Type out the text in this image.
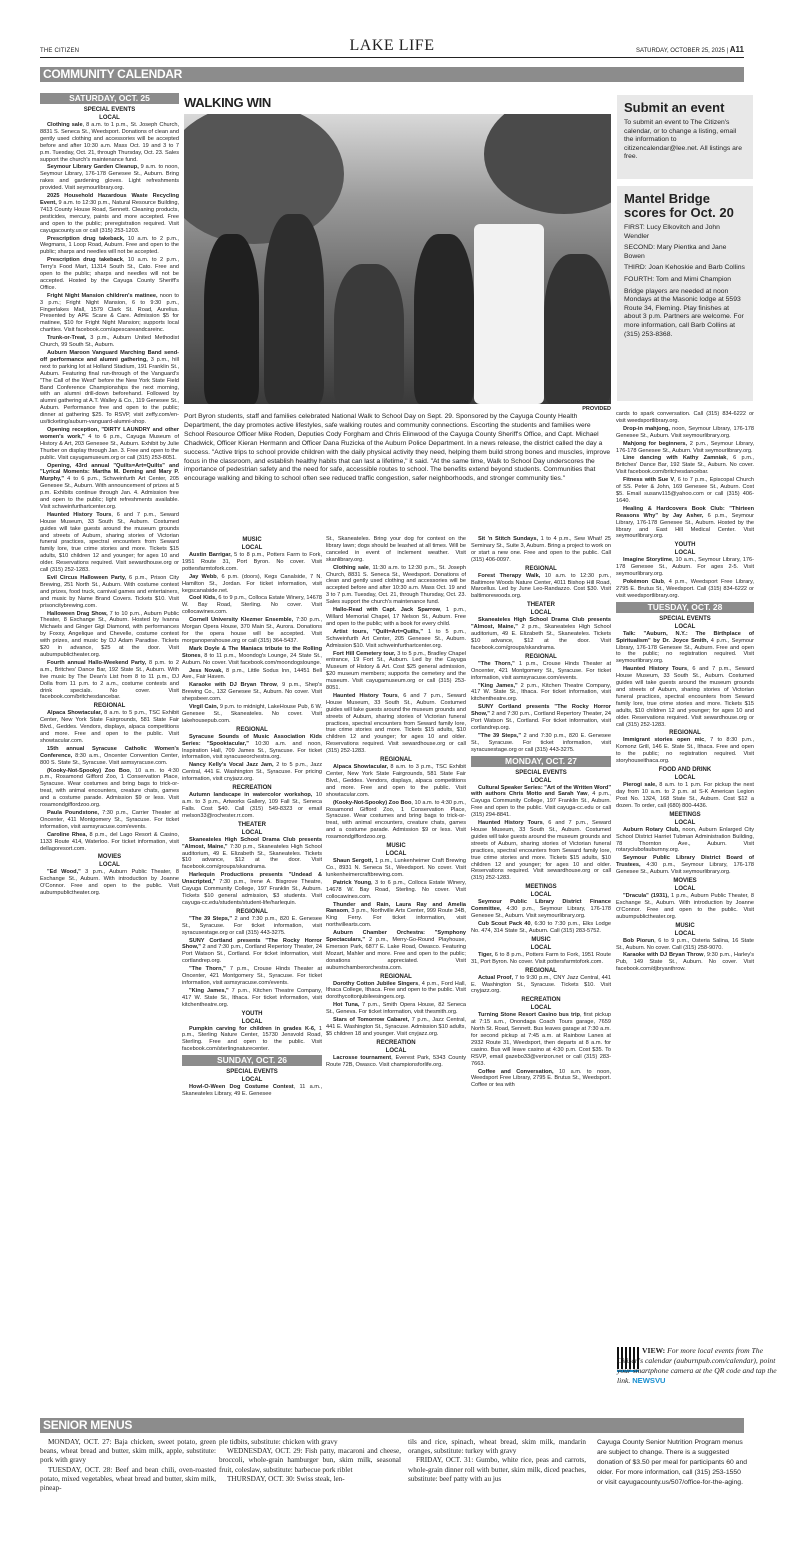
THE CITIZEN	LAKE LIFE	SATURDAY, OCTOBER 25, 2025 | A11
COMMUNITY CALENDAR
SATURDAY, OCT. 25
SPECIAL EVENTS
LOCAL
Clothing sale, 8 a.m. to 1 p.m., St. Joseph Church, 8831 S. Seneca St., Weedsport. Donations of clean and gently used clothing and accessories will be accepted before and after 10:30 a.m. Mass Oct. 19 and 3 to 7 p.m. Tuesday, Oct. 21, through Thursday, Oct. 23. Sales support the church's maintenance fund.
Seymour Library Garden Cleanup, 9 a.m. to noon, Seymour Library, 176-178 Genesee St., Auburn. Bring rakes and gardening gloves. Light refreshments provided. Visit seymourlibrary.org.
2025 Household Hazardous Waste Recycling Event, 9 a.m. to 12:30 p.m., Natural Resource Building, 7413 County House Road, Sennett. Cleaning products, pesticides, mercury, paints and more accepted. Free and open to the public; preregistration required. Visit cayugacounty.us or call (315) 253-1203.
Prescription drug takeback, 10 a.m. to 2 p.m., Wegmans, 1 Loop Road, Auburn. Free and open to the public; sharps and needles will not be accepted.
Prescription drug takeback, 10 a.m. to 2 p.m., Terry's Food Mart, 11314 South St., Cato. Free and open to the public; sharps and needles will not be accepted. Hosted by the Cayuga County Sheriff's Office.
Fright Night Mansion children's matinee, noon to 3 p.m.; Fright Night Mansion, 6 to 9:30 p.m., Fingerlakes Mall, 1579 Clark St. Road, Aurelius. Presented by APE Scare & Care. Admission $5 for matinee, $10 for Fright Night Mansion; supports local charities. Visit facebook.com/apescareandcareinc.
Trunk-or-Treat, 3 p.m., Auburn United Methodist Church, 99 South St., Auburn.
Auburn Maroon Vanguard Marching Band send-off performance and alumni gathering, 3 p.m., hill next to parking lot at Holland Stadium, 191 Franklin St., Auburn. Featuring final run-through of the Vanguard's "The Call of the West" before the New York State Field Band Conference Championships the next morning, with an alumni drill-down beforehand. Followed by alumni gathering at A.T. Walley & Co., 119 Genesee St., Auburn. Performance free and open to the public; dinner at gathering $25. To RSVP, visit zeffy.com/en-us/ticketing/auburn-vanguard-alumni-shop.
Opening reception, "DIRTY LAUNDRY and other women's work," 4 to 6 p.m., Cayuga Museum of History & Art, 203 Genesee St., Auburn. Exhibit by Julie Thurber on display through Jan. 3. Free and open to the public. Visit cayugamuseum.org or call (315) 253-8051.
Opening, 43rd annual "Quilts=Art=Quilts" and "Lyrical Moments: Martha M. Deming and Mary P. Murphy," 4 to 6 p.m., Schweinfurth Art Center, 205 Genesee St., Auburn. With announcement of prizes at 5 p.m. Exhibits continue through Jan. 4. Admission free and open to the public; light refreshments available. Visit schweinfurthartcenter.org.
Haunted History Tours, 6 and 7 p.m., Seward House Museum, 33 South St., Auburn. Costumed guides will take guests around the museum grounds and streets of Auburn, sharing stories of Victorian funeral practices, spectral encounters from Seward family lore, true crime stories and more. Tickets $15 adults, $10 children 12 and younger; for ages 10 and older. Reservations required. Visit sewardhouse.org or call (315) 252-1283.
Evil Circus Halloween Party, 6 p.m., Prison City Brewing, 251 North St., Auburn. With costume contest and prizes, food truck, carnival games and entertainers, and music by Name Brand Covers. Tickets $10. Visit prisoncitybrewing.com.
Halloween Drag Show, 7 to 10 p.m., Auburn Public Theater, 8 Exchange St., Auburn. Hosted by Ivanna Michaels and Ginger Gigi Diamond, with performances by Foxxy, Angelique and Chevelle, costume contest with prizes, and music by DJ Adam Paradise. Tickets $20 in advance, $25 at the door. Visit auburnpublictheater.org.
Fourth annual Hallo-Weekend Party, 8 p.m. to 2 a.m., Britches' Dance Bar, 192 State St., Auburn. With live music by The Dean's List from 8 to 11 p.m., DJ Dolla from 11 p.m. to 2 a.m., costume contests and drink specials. No cover. Visit facebook.com/britchesdancebar.
REGIONAL
Alpaca Showtacular, 8 a.m. to 5 p.m., TSC Exhibit Center, New York State Fairgrounds, 581 State Fair Blvd., Geddes. Vendors, displays, alpaca competitions and more. Free and open to the public. Visit showtacular.com.
15th annual Syracuse Catholic Women's Conference, 8:30 a.m., Oncenter Convention Center, 800 S. State St., Syracuse. Visit asmsyracuse.com.
(Kooky-Not-Spooky) Zoo Boo, 10 a.m. to 4:30 p.m., Rosamond Gifford Zoo, 1 Conservation Place, Syracuse. Wear costumes and bring bags to trick-or-treat, with animal encounters, creature chats, games and a costume parade. Admission $9 or less. Visit rosamondgiffordzoo.org.
Paula Poundstone, 7:30 p.m., Carrier Theater at Oncenter, 411 Montgomery St., Syracuse. For ticket information, visit asmsyracuse.com/events.
Caroline Rhea, 8 p.m., del Lago Resort & Casino, 1133 Route 414, Waterloo. For ticket information, visit dellagoresort.com.
MOVIES
LOCAL
"Ed Wood," 3 p.m., Auburn Public Theater, 8 Exchange St., Auburn. With introduction by Joanne O'Connor. Free and open to the public. Visit auburnpublictheater.org.
WALKING WIN
PROVIDED
Port Byron students, staff and families celebrated National Walk to School Day on Sept. 29. Sponsored by the Cayuga County Health Department, the day promotes active lifestyles, safe walking routes and community connections. Escorting the students and families were School Resource Officer Mike Roden, Deputies Cody Forgham and Chris Elinwood of the Cayuga County Sheriff's Office, and Capt. Michael Chadwick, Officer Kieran Hermann and Officer Dana Ruzicka of the Auburn Police Department. In a news release, the district called the day a success. "Active trips to school provide children with the daily physical activity they need, helping them build strong bones and muscles, improve focus in the classroom, and establish healthy habits that can last a lifetime," it said. "At the same time, Walk to School Day underscores the importance of pedestrian safety and the need for safe, accessible routes to school. The benefits extend beyond students. Communities that encourage walking and biking to school often see reduced traffic congestion, safer neighborhoods, and stronger community ties."
MUSIC
LOCAL
Austin Barrigar, 5 to 8 p.m., Potters Farm to Fork, 1951 Route 31, Port Byron. No cover. Visit pottersfarmtofork.com.
Jay Webb, 6 p.m. (doors), Kegs Canalside, 7 N. Hamilton St., Jordan. For ticket information, visit kegscanalside.net.
Cool Kids, 6 to 9 p.m., Colloca Estate Winery, 14678 W. Bay Road, Sterling. No cover. Visit collocawines.com.
Cornell University Klezmer Ensemble, 7:30 p.m., Morgan Opera House, 370 Main St., Aurora. Donations for the opera house will be accepted. Visit morganoperahouse.org or call (315) 364-5437.
Mark Doyle & The Maniacs tribute to the Rolling Stones, 8 to 11 p.m., Moondog's Lounge, 24 State St., Auburn. No cover. Visit facebook.com/moondogslounge.
Jess Novak, 8 p.m., Little Sodus Inn, 14451 Bell Ave., Fair Haven.
Karaoke with DJ Bryan Throw, 9 p.m., Shep's Brewing Co., 132 Genesee St., Auburn. No cover. Visit shepsbeer.com.
Virgil Cain, 9 p.m. to midnight, LakeHouse Pub, 6 W. Genesee St., Skaneateles. No cover. Visit lakehousepub.com.
REGIONAL
Syracuse Sounds of Music Association Kids Series: "Spooktacular," 10:30 a.m. and noon, Inspiration Hall, 709 James St., Syracuse. For ticket information, visit syracuseorchestra.org.
Nancy Kelly's Vocal Jazz Jam, 2 to 5 p.m., Jazz Central, 441 E. Washington St., Syracuse. For pricing information, visit cnyjazz.org.
RECREATION
Autumn landscape in watercolor workshop, 10 a.m. to 3 p.m., Artworks Gallery, 109 Fall St., Seneca Falls. Cost $40. Call (315) 549-8323 or email rnelson33@rochester.rr.com.
THEATER
LOCAL
Skaneateles High School Drama Club presents "Almost, Maine," 7:30 p.m., Skaneateles High School auditorium, 49 E. Elizabeth St., Skaneateles. Tickets $10 advance, $12 at the door. Visit facebook.com/groups/skandrama.
Harlequin Productions presents "Undead & Unscripted," 7:30 p.m., Irene A. Bisgrove Theatre, Cayuga Community College, 197 Franklin St., Auburn. Tickets $10 general admission, $3 students. Visit cayuga-cc.edu/students/student-life/harlequin.
REGIONAL
"The 39 Steps," 2 and 7:30 p.m., 820 E. Genesee St., Syracuse. For ticket information, visit syracusestage.org or call (315) 443-3275.
SUNY Cortland presents "The Rocky Horror Show," 2 and 7:30 p.m., Cortland Repertory Theater, 24 Port Watson St., Cortland. For ticket information, visit cortlandrep.org.
"The Thorn," 7 p.m., Crouse Hinds Theater at Oncenter, 421 Montgomery St., Syracuse. For ticket information, visit asmsyracuse.com/events.
"King James," 7 p.m., Kitchen Theatre Company, 417 W. State St., Ithaca. For ticket information, visit kitchentheatre.org.
YOUTH
LOCAL
Pumpkin carving for children in grades K-6, 1 p.m., Sterling Nature Center, 15730 Jensvold Road, Sterling. Free and open to the public. Visit facebook.com/sterlingnaturecenter.
SUNDAY, OCT. 26
SPECIAL EVENTS
LOCAL
Howl-O-Ween Dog Costume Contest, 11 a.m., Skaneateles Library, 49 E. Genesee
St., Skaneateles. Bring your dog for contest on the library lawn; dogs should be leashed at all times. Will be canceled in event of inclement weather. Visit skanlibrary.org.
Clothing sale, 11:30 a.m. to 12:30 p.m., St. Joseph Church, 8831 S. Seneca St., Weedsport. Donations of clean and gently used clothing and accessories will be accepted before and after 10:30 a.m. Mass Oct. 19 and 3 to 7 p.m. Tuesday, Oct. 21, through Thursday, Oct. 23. Sales support the church's maintenance fund.
Hallo-Read with Capt. Jack Sparrow, 1 p.m., Willard Memorial Chapel, 17 Nelson St., Auburn. Free and open to the public; with a book for every child.
Artist tours, "Quilt=Art=Quilts," 1 to 5 p.m., Schweinfurth Art Center, 205 Genesee St., Auburn. Admission $10. Visit schweinfurthartcenter.org.
Fort Hill Cemetery tour, 3 to 5 p.m., Bradley Chapel entrance, 19 Fort St., Auburn. Led by the Cayuga Museum of History & Art. Cost $25 general admission, $20 museum members; supports the cemetery and the museum. Visit cayugamuseum.org or call (315) 253-8051.
Haunted History Tours, 6 and 7 p.m., Seward House Museum, 33 South St., Auburn. Costumed guides will take guests around the museum grounds and streets of Auburn, sharing stories of Victorian funeral practices, spectral encounters from Seward family lore, true crime stories and more. Tickets $15 adults, $10 children 12 and younger; for ages 10 and older. Reservations required. Visit sewardhouse.org or call (315) 252-1283.
REGIONAL
Alpaca Showtacular, 8 a.m. to 3 p.m., TSC Exhibit Center, New York State Fairgrounds, 581 State Fair Blvd., Geddes. Vendors, displays, alpaca competitions and more. Free and open to the public. Visit showtacular.com.
(Kooky-Not-Spooky) Zoo Boo, 10 a.m. to 4:30 p.m., Rosamond Gifford Zoo, 1 Conservation Place, Syracuse. Wear costumes and bring bags to trick-or-treat, with animal encounters, creature chats, games and a costume parade. Admission $9 or less. Visit rosamondgiffordzoo.org.
MUSIC
LOCAL
Shaun Sergott, 1 p.m., Lunkenheimer Craft Brewing Co., 8931 N. Seneca St., Weedsport. No cover. Visit lunkenheimercraftbrewing.com.
Patrick Young, 3 to 6 p.m., Colloca Estate Winery, 14678 W. Bay Road, Sterling. No cover. Visit collocawines.com.
Thunder and Rain, Laura Ray and Amelia Ransom, 3 p.m., Northville Arts Center, 999 Route 34B, King Ferry. For ticket information, visit northvillearts.com.
Auburn Chamber Orchestra: "Symphony Spectaculars," 2 p.m., Merry-Go-Round Playhouse, Emerson Park, 6877 E. Lake Road, Owasco. Featuring Mozart, Mahler and more. Free and open to the public; donations appreciated. Visit auburnchamberorchestra.com.
REGIONAL
Dorothy Cotton Jubilee Singers, 4 p.m., Ford Hall, Ithaca College, Ithaca. Free and open to the public. Visit dorothycottonjubileesingers.org.
Hot Tuna, 7 p.m., Smith Opera House, 82 Seneca St., Geneva. For ticket information, visit thesmith.org.
Stars of Tomorrow Cabaret, 7 p.m., Jazz Central, 441 E. Washington St., Syracuse. Admission $10 adults, $5 children 18 and younger. Visit cnyjazz.org.
RECREATION
LOCAL
Lacrosse tournament, Everest Park, 5343 County Route 72B, Owasco. Visit championsforlife.org.
Sit 'n Stitch Sundays, 1 to 4 p.m., Sew What! 25 Seminary St., Suite 3, Auburn. Bring a project to work on or start a new one. Free and open to the public. Call (315) 406-0097.
REGIONAL
Forest Therapy Walk, 10 a.m. to 12:30 p.m., Baltimore Woods Nature Center, 4011 Bishop Hill Road, Marcellus. Led by June Leo-Randazzo. Cost $30. Visit baltimorewoods.org.
THEATER
LOCAL
Skaneateles High School Drama Club presents "Almost, Maine," 2 p.m., Skaneateles High School auditorium, 49 E. Elizabeth St., Skaneateles. Tickets $10 advance, $12 at the door. Visit facebook.com/groups/skandrama.
REGIONAL
"The Thorn," 1 p.m., Crouse Hinds Theater at Oncenter, 421 Montgomery St., Syracuse. For ticket information, visit asmsyracuse.com/events.
"King James," 2 p.m., Kitchen Theatre Company, 417 W. State St., Ithaca. For ticket information, visit kitchentheatre.org.
SUNY Cortland presents "The Rocky Horror Show," 2 and 7:30 p.m., Cortland Repertory Theater, 24 Port Watson St., Cortland. For ticket information, visit cortlandrep.org.
"The 39 Steps," 2 and 7:30 p.m., 820 E. Genesee St., Syracuse. For ticket information, visit syracusestage.org or call (315) 443-3275.
MONDAY, OCT. 27
SPECIAL EVENTS
LOCAL
Cultural Speaker Series: "Art of the Written Word" with authors Chris Motto and Sarah Yaw, 4 p.m., Cayuga Community College, 197 Franklin St., Auburn. Free and open to the public. Visit cayuga-cc.edu or call (315) 294-8841.
Haunted History Tours, 6 and 7 p.m., Seward House Museum, 33 South St., Auburn. Costumed guides will take guests around the museum grounds and streets of Auburn, sharing stories of Victorian funeral practices, spectral encounters from Seward family lore, true crime stories and more. Tickets $15 adults, $10 children 12 and younger; for ages 10 and older. Reservations required. Visit sewardhouse.org or call (315) 252-1283.
MEETINGS
LOCAL
Seymour Public Library District Finance Committee, 4:30 p.m., Seymour Library, 176-178 Genesee St., Auburn. Visit seymourlibrary.org.
Cub Scout Pack 40, 6:30 to 7:30 p.m., Elks Lodge No. 474, 314 State St., Auburn. Call (315) 283-5752.
MUSIC
LOCAL
Tiger, 6 to 8 p.m., Potters Farm to Fork, 1951 Route 31, Port Byron. No cover. Visit pottersfarmtofork.com.
REGIONAL
Actual Proof, 7 to 9:30 p.m., CNY Jazz Central, 441 E. Washington St., Syracuse. Tickets $10. Visit cnyjazz.org.
RECREATION
LOCAL
Turning Stone Resort Casino bus trip, first pickup at 7:15 a.m., Onondaga Coach Tours garage, 7659 North St. Road, Sennett. Bus leaves garage at 7:30 a.m. for second pickup at 7:45 a.m. at Rainbow Lanes at 2932 Route 31, Weedsport, then departs at 8 a.m. for casino. Bus will leave casino at 4:30 p.m. Cost $35. To RSVP, email gazebo33@verizon.net or call (315) 283-7663.
Coffee and Conversation, 10 a.m. to noon, Weedsport Free Library, 2795 E. Brutus St., Weedsport. Coffee or tea with
Submit an event

To submit an event to The Citizen's calendar, or to change a listing, email the information to citizencalendar@lee.net. All listings are free.

Mantel Bridge scores for Oct. 20

FIRST: Lucy Elkovitch and John Wendler

SECOND: Mary Pientka and Jane Bowen

THIRD: Joan Kehoskie and Barb Collins

FOURTH: Tom and Mimi Champion

Bridge players are needed at noon Mondays at the Masonic lodge at 5593 Route 34, Fleming. Play finishes at about 3 p.m. Partners are welcome. For more information, call Barb Collins at (315) 253-8368.

cards to spark conversation. Call (315) 834-6222 or visit weedsportlibrary.org.
Drop-in mahjong, noon, Seymour Library, 176-178 Genesee St., Auburn. Visit seymourlibrary.org.
Mahjong for beginners, 2 p.m., Seymour Library, 176-178 Genesee St., Auburn. Visit seymourlibrary.org.
Line dancing with Kathy Zamniak, 6 p.m., Britches' Dance Bar, 192 State St., Auburn. No cover. Visit facebook.com/britchesdancebar.
Fitness with Sue V, 6 to 7 p.m., Episcopal Church of SS. Peter & John, 169 Genesee St., Auburn. Cost $5. Email susanv115@yahoo.com or call (315) 406-1640.
Healing & Hardcovers Book Club: "Thirteen Reasons Why" by Jay Asher, 6 p.m., Seymour Library, 176-178 Genesee St., Auburn. Hosted by the library and East Hill Medical Center. Visit seymourlibrary.org.
YOUTH
LOCAL
Imagine Storytime, 10 a.m., Seymour Library, 176-178 Genesee St., Auburn. For ages 2-5. Visit seymourlibrary.org.
Pokémon Club, 4 p.m., Weedsport Free Library, 2795 E. Brutus St., Weedsport. Call (315) 834-6222 or visit weedsportlibrary.org.
TUESDAY, OCT. 28
SPECIAL EVENTS
LOCAL
Talk: "Auburn, N.Y.: The Birthplace of Spiritualism" by Dr. Joyce Smith, 4 p.m., Seymour Library, 176-178 Genesee St., Auburn. Free and open to the public; no registration required. Visit seymourlibrary.org.
Haunted History Tours, 6 and 7 p.m., Seward House Museum, 33 South St., Auburn. Costumed guides will take guests around the museum grounds and streets of Auburn, sharing stories of Victorian funeral practices, spectral encounters from Seward family lore, true crime stories and more. Tickets $15 adults, $10 children 12 and younger; for ages 10 and older. Reservations required. Visit sewardhouse.org or call (315) 252-1283.
REGIONAL
Immigrant stories open mic, 7 to 8:30 p.m., Komonz Grill, 146 E. State St., Ithaca. Free and open to the public; no registration required. Visit storyhouseithaca.org.
FOOD AND DRINK
LOCAL
Pierogi sale, 8 a.m. to 1 p.m. For pickup the next day from 10 a.m. to 2 p.m. at S-K American Legion Post No. 1324, 168 State St., Auburn. Cost $12 a dozen. To order, call (680) 800-4436.
MEETINGS
LOCAL
Auburn Rotary Club, noon, Auburn Enlarged City School District Harriet Tubman Administration Building, 78 Thornton Ave., Auburn. Visit rotaryclubofauburnny.org.
Seymour Public Library District Board of Trustees, 4:30 p.m., Seymour Library, 176-178 Genesee St., Auburn. Visit seymourlibrary.org.
MOVIES
LOCAL
"Dracula" (1931), 1 p.m., Auburn Public Theater, 8 Exchange St., Auburn. With introduction by Joanne O'Connor. Free and open to the public. Visit auburnpublictheater.org.
MUSIC
LOCAL
Bob Piorun, 6 to 9 p.m., Osteria Salina, 16 State St., Auburn. No cover. Call (315) 258-9070.
Karaoke with DJ Bryan Throw, 9:30 p.m., Harley's Pub, 149 State St., Auburn. No cover. Visit facebook.com/djbryanthrow.
VIEW: For more local events from The Citizen's calendar (auburnpub.com/calendar), point your smartphone camera at the QR code and tap the link. NEWSVU
SENIOR MENUS

MONDAY, OCT. 27: Baja chicken, sweet potato, green beans, wheat bread and butter, skim milk, apple, substitute: pork with gravy

TUESDAY, OCT. 28: Beef and bean chili, oven-roasted potato, mixed vegetables, wheat bread and butter, skim milk, pineap-

ple tidbits, substitute: chicken with gravy

WEDNESDAY, OCT. 29: Fish patty, macaroni and cheese, broccoli, whole-grain hamburger bun, skim milk, seasonal fruit, coleslaw, substitute: barbecue pork riblet

THURSDAY, OCT. 30: Swiss steak, len-

tils and rice, spinach, wheat bread, skim milk, mandarin oranges, substitute: turkey with gravy

FRIDAY, OCT. 31: Gumbo, white rice, peas and carrots, whole-grain dinner roll with butter, skim milk, diced peaches, substitute: beef patty with au jus

Cayuga County Senior Nutrition Program menus are subject to change. There is a suggested donation of $3.50 per meal for participants 60 and older. For more information, call (315) 253-1550 or visit cayugacounty.us/507/office-for-the-aging.
